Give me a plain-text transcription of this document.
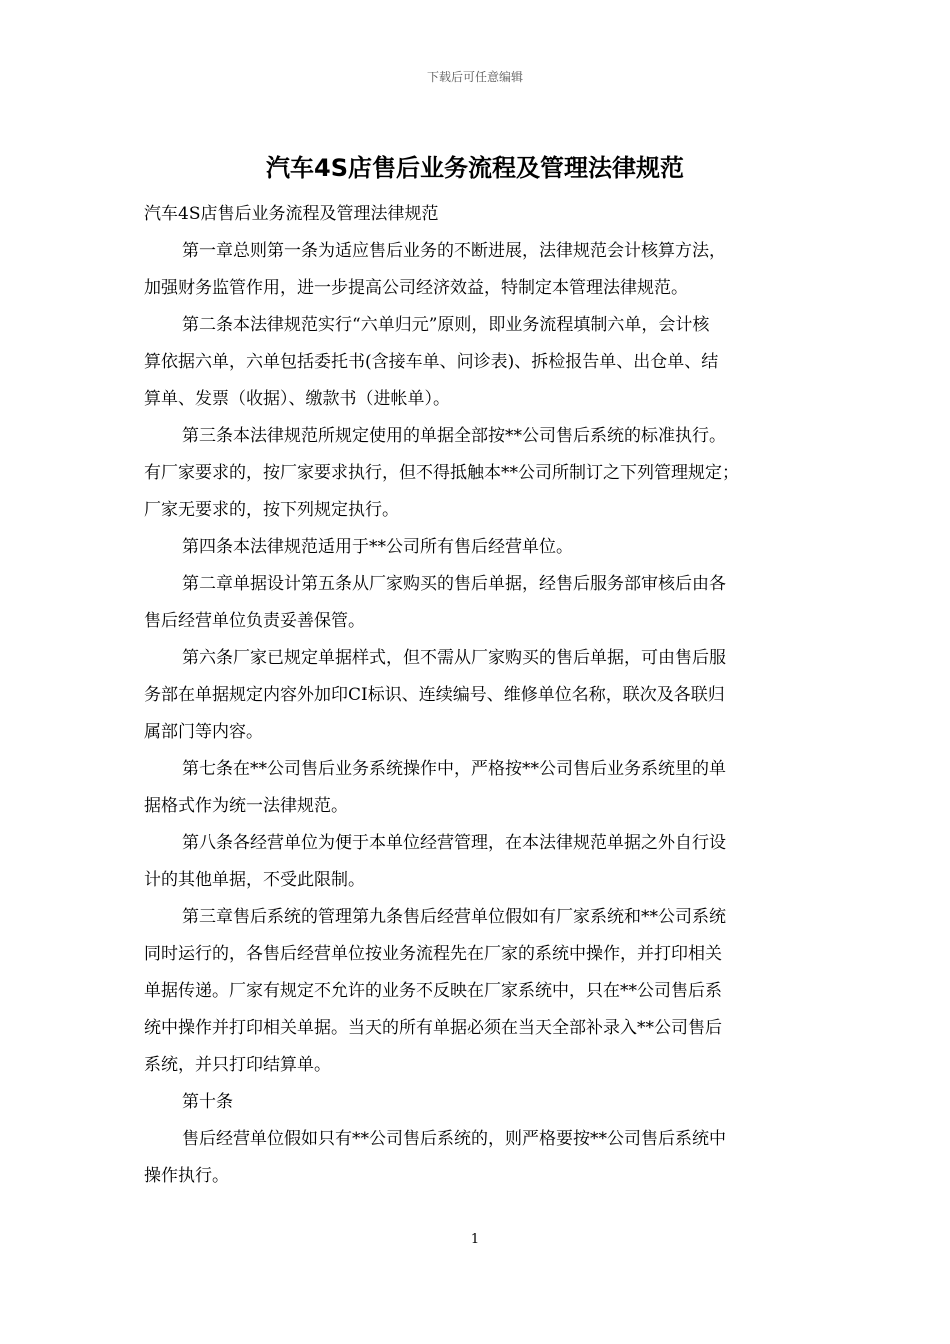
下载后可任意编辑
汽车4S店售后业务流程及管理法律规范

汽车4S店售后业务流程及管理法律规范

第一章总则第一条为适应售后业务的不断进展，法律规范会计核算方法，
加强财务监管作用，进一步提高公司经济效益，特制定本管理法律规范。

第二条本法律规范实行“六单归元”原则，即业务流程填制六单，会计核
算依据六单，六单包括委托书(含接车单、问诊表)、拆检报告单、出仓单、结
算单、发票（收据）、缴款书（进帐单）。

第三条本法律规范所规定使用的单据全部按**公司售后系统的标准执行。
有厂家要求的，按厂家要求执行，但不得抵触本**公司所制订之下列管理规定；
厂家无要求的，按下列规定执行。

第四条本法律规范适用于**公司所有售后经营单位。

第二章单据设计第五条从厂家购买的售后单据，经售后服务部审核后由各
售后经营单位负责妥善保管。

第六条厂家已规定单据样式，但不需从厂家购买的售后单据，可由售后服
务部在单据规定内容外加印CI标识、连续编号、维修单位名称，联次及各联归
属部门等内容。

第七条在**公司售后业务系统操作中，严格按**公司售后业务系统里的单
据格式作为统一法律规范。

第八条各经营单位为便于本单位经营管理，在本法律规范单据之外自行设
计的其他单据，不受此限制。

第三章售后系统的管理第九条售后经营单位假如有厂家系统和**公司系统
同时运行的，各售后经营单位按业务流程先在厂家的系统中操作，并打印相关
单据传递。厂家有规定不允许的业务不反映在厂家系统中，只在**公司售后系
统中操作并打印相关单据。当天的所有单据必须在当天全部补录入**公司售后
系统，并只打印结算单。

第十条

售后经营单位假如只有**公司售后系统的，则严格要按**公司售后系统中
操作执行。

1
